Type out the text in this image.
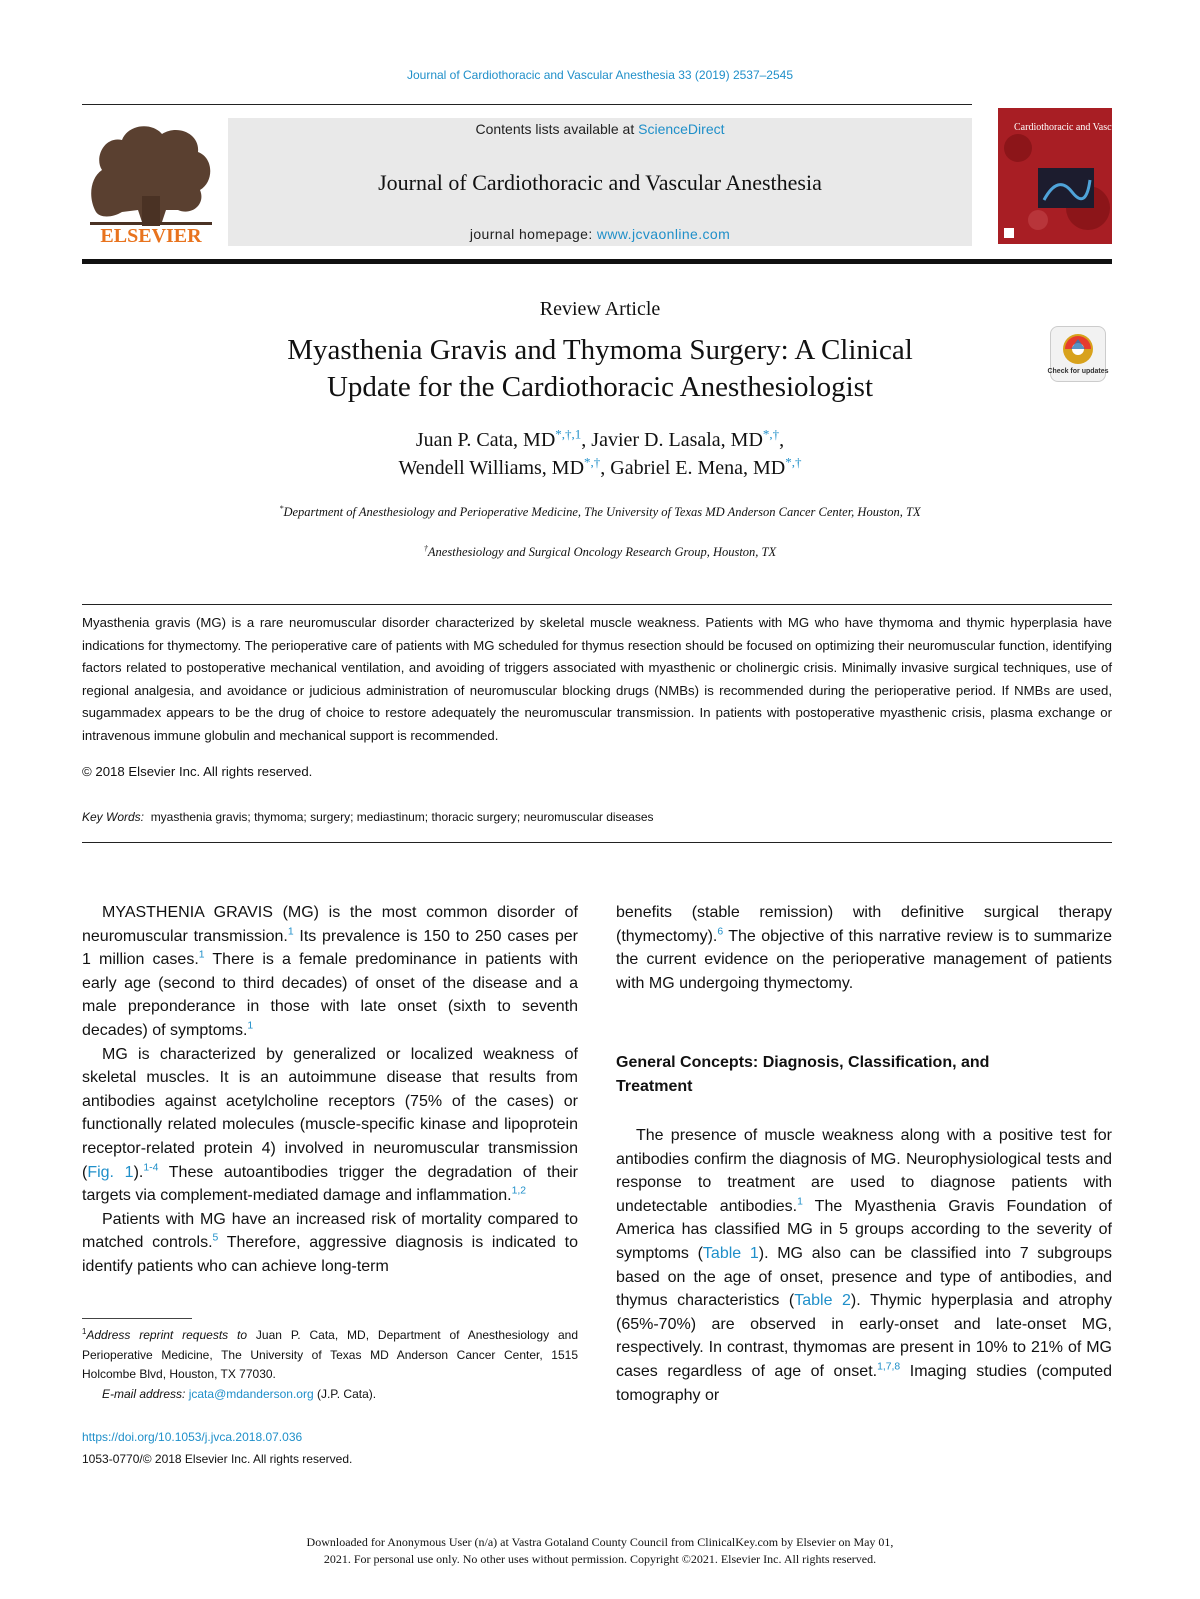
Journal of Cardiothoracic and Vascular Anesthesia 33 (2019) 2537–2545
ELSEVIER
Contents lists available at ScienceDirect
Journal of Cardiothoracic and Vascular Anesthesia
journal homepage: www.jcvaonline.com
Cardiothoracic and Vascular Anesthesia
Review Article
Myasthenia Gravis and Thymoma Surgery: A Clinical
Update for the Cardiothoracic Anesthesiologist	Check for updates
Juan P. Cata, $MD^{*,\dagger,1}$, Javier D. Lasala, MD*,†,
Wendell Williams, MD*,†, Gabriel E. Mena, MD*,†
*Department of Anesthesiology and Perioperative Medicine, The University of Texas MD Anderson Cancer Center, Houston, TX
†Anesthesiology and Surgical Oncology Research Group, Houston, TX
Myasthenia gravis (MG) is a rare neuromuscular disorder characterized by skeletal muscle weakness. Patients with MG who have thymoma and thymic hyperplasia have indications for thymectomy. The perioperative care of patients with MG scheduled for thymus resection should be focused on optimizing their neuromuscular function, identifying factors related to postoperative mechanical ventilation, and avoiding of triggers associated with myasthenic or cholinergic crisis. Minimally invasive surgical techniques, use of regional analgesia, and avoidance or judicious administration of neuromuscular blocking drugs (NMBs) is recommended during the perioperative period. If NMBs are used, sugammadex appears to be the drug of choice to restore adequately the neuromuscular transmission. In patients with postoperative myasthenic crisis, plasma exchange or intravenous immune globulin and mechanical support is recommended.
© 2018 Elsevier Inc. All rights reserved.
Key Words: myasthenia gravis; thymoma; surgery; mediastinum; thoracic surgery; neuromuscular diseases

MYASTHENIA GRAVIS (MG) is the most common disorder of neuromuscular transmission.$^1$ Its prevalence is 150 to 250 cases per 1 million cases.$^1$ There is a female predominance in patients with early age (second to third decades) of onset of the disease and a male preponderance in those with late onset (sixth to seventh decades) of symptoms.$^1$

MG is characterized by generalized or localized weakness of skeletal muscles. It is an autoimmune disease that results from antibodies against acetylcholine receptors (75% of the cases) or functionally related molecules (muscle-specific kinase and lipoprotein receptor-related protein 4) involved in neuromuscular transmission (Fig. 1).$^{1-4}$ These autoantibodies trigger the degradation of their targets via complement-mediated damage and inflammation.$^{1,2}$

Patients with MG have an increased risk of mortality compared to matched controls.$^5$ Therefore, aggressive diagnosis is indicated to identify patients who can achieve long-term

benefits (stable remission) with definitive surgical therapy (thymectomy).$^6$ The objective of this narrative review is to summarize the current evidence on the perioperative management of patients with MG undergoing thymectomy.

General Concepts: Diagnosis, Classification, and Treatment

The presence of muscle weakness along with a positive test for antibodies confirm the diagnosis of MG. Neurophysiological tests and response to treatment are used to diagnose patients with undetectable antibodies.$^1$ The Myasthenia Gravis Foundation of America has classified MG in 5 groups according to the severity of symptoms (Table 1). MG also can be classified into 7 subgroups based on the age of onset, presence and type of antibodies, and thymus characteristics (Table 2). Thymic hyperplasia and atrophy (65%-70%) are observed in early-onset and late-onset MG, respectively. In contrast, thymomas are present in 10% to 21% of MG cases regardless of age of onset.$^{1,7,8}$ Imaging studies (computed tomography or

$^1$Address reprint requests to Juan P. Cata, MD, Department of Anesthesiology and Perioperative Medicine, The University of Texas MD Anderson Cancer Center, 1515 Holcombe Blvd, Houston, TX 77030.

E-mail address: jcata@mdanderson.org (J.P. Cata).

https://doi.org/10.1053/j.jvca.2018.07.036
1053-0770/© 2018 Elsevier Inc. All rights reserved.
Downloaded for Anonymous User (n/a) at Vastra Gotaland County Council from ClinicalKey.com by Elsevier on May 01,
2021. For personal use only. No other uses without permission. Copyright ©2021. Elsevier Inc. All rights reserved.
